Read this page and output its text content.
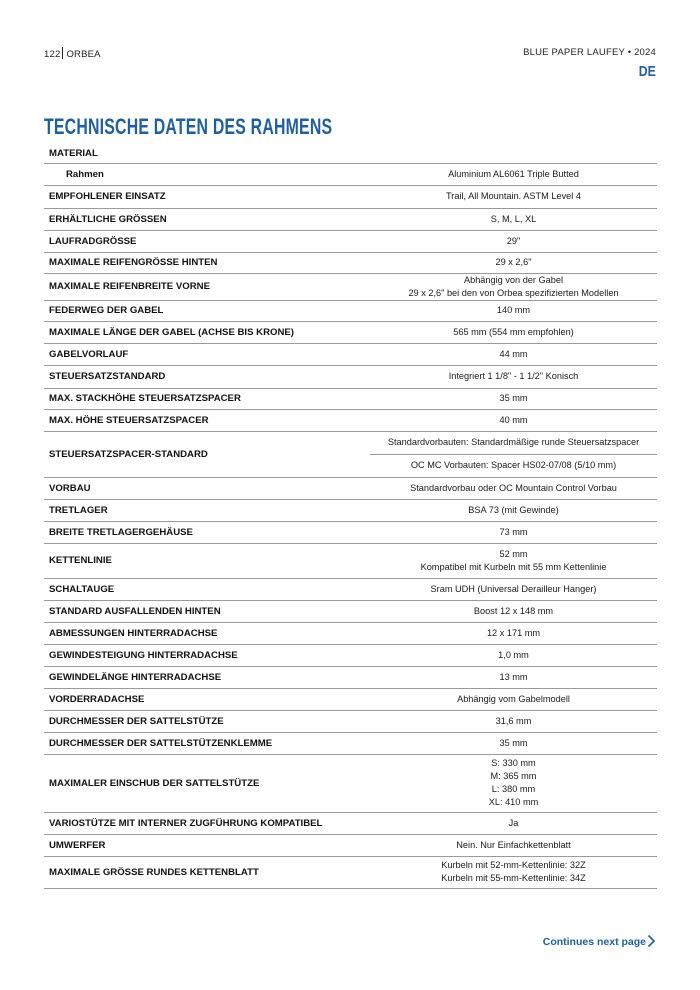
122 ORBEA	BLUE PAPER LAUFEY • 2024
DE
TECHNISCHE DATEN DES RAHMENS
MATERIAL	
Rahmen	Aluminium AL6061 Triple Butted

EMPFOHLENER EINSATZ	Trail, All Mountain. ASTM Level 4

ERHÄLTLICHE GRÖSSEN	S, M, L, XL

LAUFRADGRÖSSE	29"

MAXIMALE REIFENGRÖSSE HINTEN	29 x 2,6"

MAXIMALE REIFENBREITE VORNE	Abhängig von der Gabel
29 x 2,6" bei den von Orbea spezifizierten Modellen

FEDERWEG DER GABEL	140 mm

MAXIMALE LÄNGE DER GABEL (ACHSE BIS KRONE)	565 mm (554 mm empfohlen)

GABELVORLAUF	44 mm

STEUERSATZSTANDARD	Integriert 1 1/8" - 1 1/2" Konisch

MAX. STACKHÖHE STEUERSATZSPACER	35 mm

MAX. HÖHE STEUERSATZSPACER	40 mm

STEUERSATZSPACER-STANDARD	Standardvorbauten: Standardmäßige runde Steuersatzspacer
	OC MC Vorbauten: Spacer HS02-07/08 (5/10 mm)
VORBAU	Standardvorbau oder OC Mountain Control Vorbau

TRETLAGER	BSA 73 (mit Gewinde)

BREITE TRETLAGERGEHÄUSE	73 mm

KETTENLINIE	52 mm
Kompatibel mit Kurbeln mit 55 mm Kettenlinie

SCHALTAUGE	Sram UDH (Universal Derailleur Hanger)

STANDARD AUSFALLENDEN HINTEN	Boost 12 x 148 mm

ABMESSUNGEN HINTERRADACHSE	12 x 171 mm

GEWINDESTEIGUNG HINTERRADACHSE	1,0 mm

GEWINDELÄNGE HINTERRADACHSE	13 mm

VORDERRADACHSE	Abhängig vom Gabelmodell

DURCHMESSER DER SATTELSTÜTZE	31,6 mm

DURCHMESSER DER SATTELSTÜTZENKLEMME	35 mm

MAXIMALER EINSCHUB DER SATTELSTÜTZE	S: 330 mm
M: 365 mm
L: 380 mm
XL: 410 mm

VARIOSTÜTZE MIT INTERNER ZUGFÜHRUNG KOMPATIBEL	Ja

UMWERFER	Nein. Nur Einfachkettenblatt

MAXIMALE GRÖSSE RUNDES KETTENBLATT	Kurbeln mit 52-mm-Kettenlinie: 32Z
Kurbeln mit 55-mm-Kettenlinie: 34Z
Continues next page
